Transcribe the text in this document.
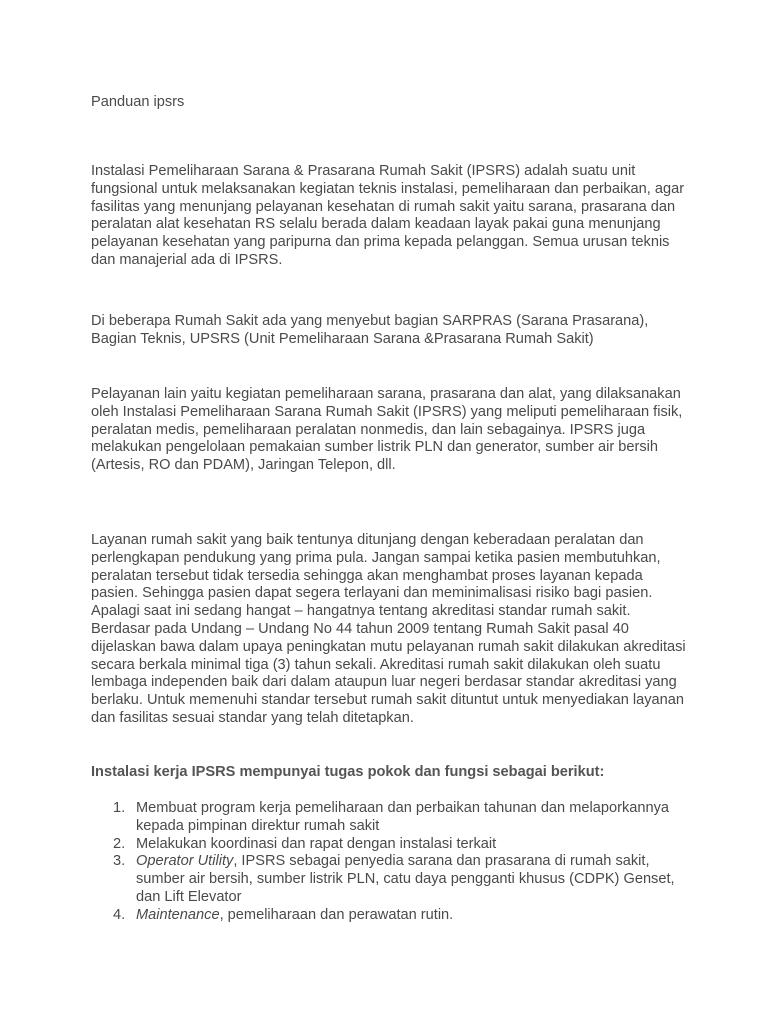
Panduan ipsrs

Instalasi Pemeliharaan Sarana & Prasarana Rumah Sakit (IPSRS) adalah suatu unit fungsional untuk melaksanakan kegiatan teknis instalasi, pemeliharaan dan perbaikan, agar fasilitas yang menunjang pelayanan kesehatan di rumah sakit yaitu sarana, prasarana dan peralatan alat kesehatan RS selalu berada dalam keadaan layak pakai guna menunjang pelayanan kesehatan yang paripurna dan prima kepada pelanggan. Semua urusan teknis dan manajerial ada di IPSRS.

Di beberapa Rumah Sakit ada yang menyebut bagian SARPRAS (Sarana Prasarana), Bagian Teknis, UPSRS (Unit Pemeliharaan Sarana &Prasarana Rumah Sakit)

Pelayanan lain yaitu kegiatan pemeliharaan sarana, prasarana dan alat, yang dilaksanakan oleh Instalasi Pemeliharaan Sarana Rumah Sakit (IPSRS) yang meliputi pemeliharaan fisik, peralatan medis, pemeliharaan peralatan nonmedis, dan lain sebagainya. IPSRS juga melakukan pengelolaan pemakaian sumber listrik PLN dan generator, sumber air bersih (Artesis, RO dan PDAM), Jaringan Telepon, dll.

Layanan rumah sakit yang baik tentunya ditunjang dengan keberadaan peralatan dan perlengkapan pendukung yang prima pula. Jangan sampai ketika pasien membutuhkan, peralatan tersebut tidak tersedia sehingga akan menghambat proses layanan kepada pasien. Sehingga pasien dapat segera terlayani dan meminimalisasi risiko bagi pasien. Apalagi saat ini sedang hangat – hangatnya tentang akreditasi standar rumah sakit. Berdasar pada Undang – Undang No 44 tahun 2009 tentang Rumah Sakit pasal 40 dijelaskan bawa dalam upaya peningkatan mutu pelayanan rumah sakit dilakukan akreditasi secara berkala minimal tiga (3) tahun sekali. Akreditasi rumah sakit dilakukan oleh suatu lembaga independen baik dari dalam ataupun luar negeri berdasar standar akreditasi yang berlaku. Untuk memenuhi standar tersebut rumah sakit dituntut untuk menyediakan layanan dan fasilitas sesuai standar yang telah ditetapkan.

Instalasi kerja IPSRS mempunyai tugas pokok dan fungsi sebagai berikut:

1. Membuat program kerja pemeliharaan dan perbaikan tahunan dan melaporkannya kepada pimpinan direktur rumah sakit
2. Melakukan koordinasi dan rapat dengan instalasi terkait
3. Operator Utility, IPSRS sebagai penyedia sarana dan prasarana di rumah sakit, sumber air bersih, sumber listrik PLN, catu daya pengganti khusus (CDPK) Genset, dan Lift Elevator
4. Maintenance, pemeliharaan dan perawatan rutin.
